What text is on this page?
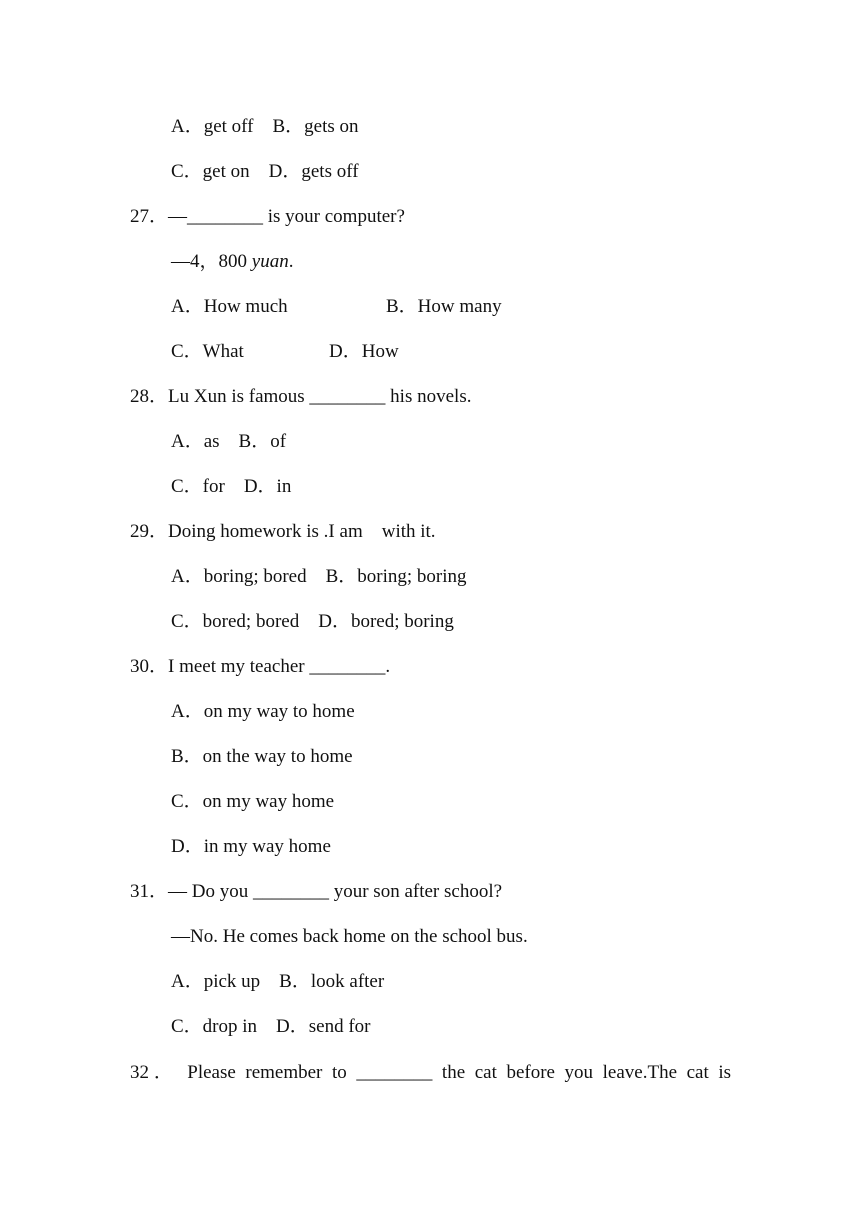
A．get off　B．gets on
C．get on　D．gets off
27．—________ is your computer?
—4，800 yuan.
A．How much	B．How many
C．What	D．How
28．Lu Xun is famous ________ his novels.
A．as　B．of
C．for　D．in
29．Doing homework is .I am　with it.
A．boring; bored　B．boring; boring
C．bored; bored　D．bored; boring
30．I meet my teacher ________.
A．on my way to home
B．on the way to home
C．on my way home
D．in my way home
31．— Do you ________ your son after school?
—No. He comes back home on the school bus.
A．pick up　B．look after
C．drop in　D．send for
32． Please remember to ________ the cat before you leave.The cat is
